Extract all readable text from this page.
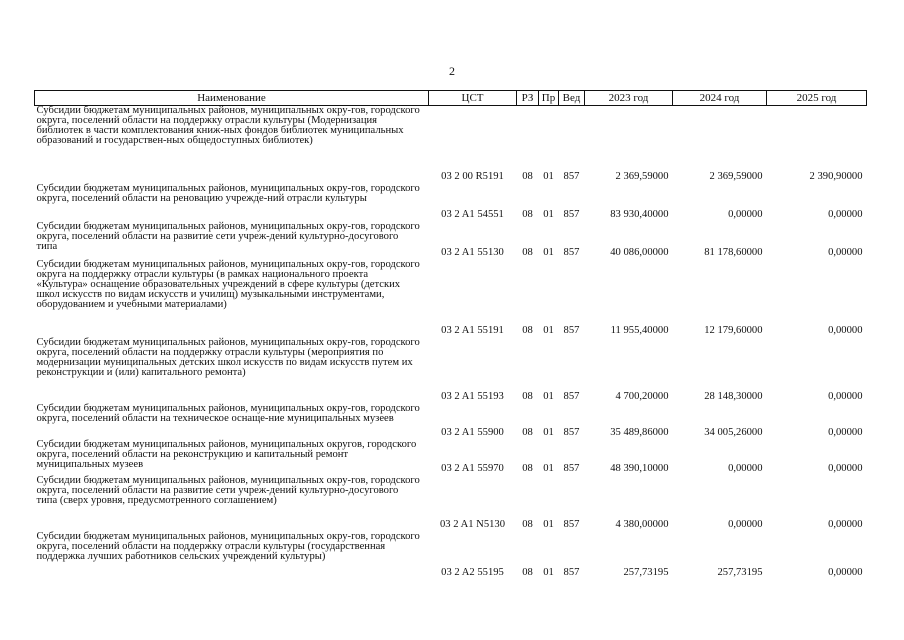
2
Наименование	ЦСТ	РЗ	Пр	Вед	2023 год	2024 год	2025 год
Субсидии бюджетам муниципальных районов, муниципальных окру-гов, городского округа, поселений области на поддержку отрасли культуры (Модернизация библиотек в части комплектования книж-ных фондов библиотек муниципальных образований и государствен-ных общедоступных библиотек)	03 2 00 R5191	08	01	857	2 369,59000	2 369,59000	2 390,90000
Субсидии бюджетам муниципальных районов, муниципальных окру-гов, городского округа, поселений области на реновацию учрежде-ний отрасли культуры	03 2 A1 54551	08	01	857	83 930,40000	0,00000	0,00000
Субсидии бюджетам муниципальных районов, муниципальных окру-гов, городского округа, поселений области на развитие сети учреж-дений культурно-досугового типа	03 2 A1 55130	08	01	857	40 086,00000	81 178,60000	0,00000
Субсидии бюджетам муниципальных районов, муниципальных окру-гов, городского округа на поддержку отрасли культуры (в рамках национального проекта «Культура» оснащение образовательных учреждений в сфере культуры (детских школ искусств по видам искусств и училищ) музыкальными инструментами, оборудованием и учебными материалами)	03 2 A1 55191	08	01	857	11 955,40000	12 179,60000	0,00000
Субсидии бюджетам муниципальных районов, муниципальных окру-гов, городского округа, поселений области на поддержку отрасли культуры (мероприятия по модернизации муниципальных детских школ искусств по видам искусств путем их реконструкции и (или) капитального ремонта)	03 2 A1 55193	08	01	857	4 700,20000	28 148,30000	0,00000
Субсидии бюджетам муниципальных районов, муниципальных окру-гов, городского округа, поселений области на техническое оснаще-ние муниципальных музеев	03 2 A1 55900	08	01	857	35 489,86000	34 005,26000	0,00000
Субсидии бюджетам муниципальных районов, муниципальных округов, городского округа, поселений области на реконструкцию и капитальный ремонт муниципальных музеев	03 2 A1 55970	08	01	857	48 390,10000	0,00000	0,00000
Субсидии бюджетам муниципальных районов, муниципальных окру-гов, городского округа, поселений области на развитие сети учреж-дений культурно-досугового типа (сверх уровня, предусмотренного соглашением)	03 2 A1 N5130	08	01	857	4 380,00000	0,00000	0,00000
Субсидии бюджетам муниципальных районов, муниципальных окру-гов, городского округа, поселений области на поддержку отрасли культуры (государственная поддержка лучших работников сельских учреждений культуры)	03 2 A2 55195	08	01	857	257,73195	257,73195	0,00000
